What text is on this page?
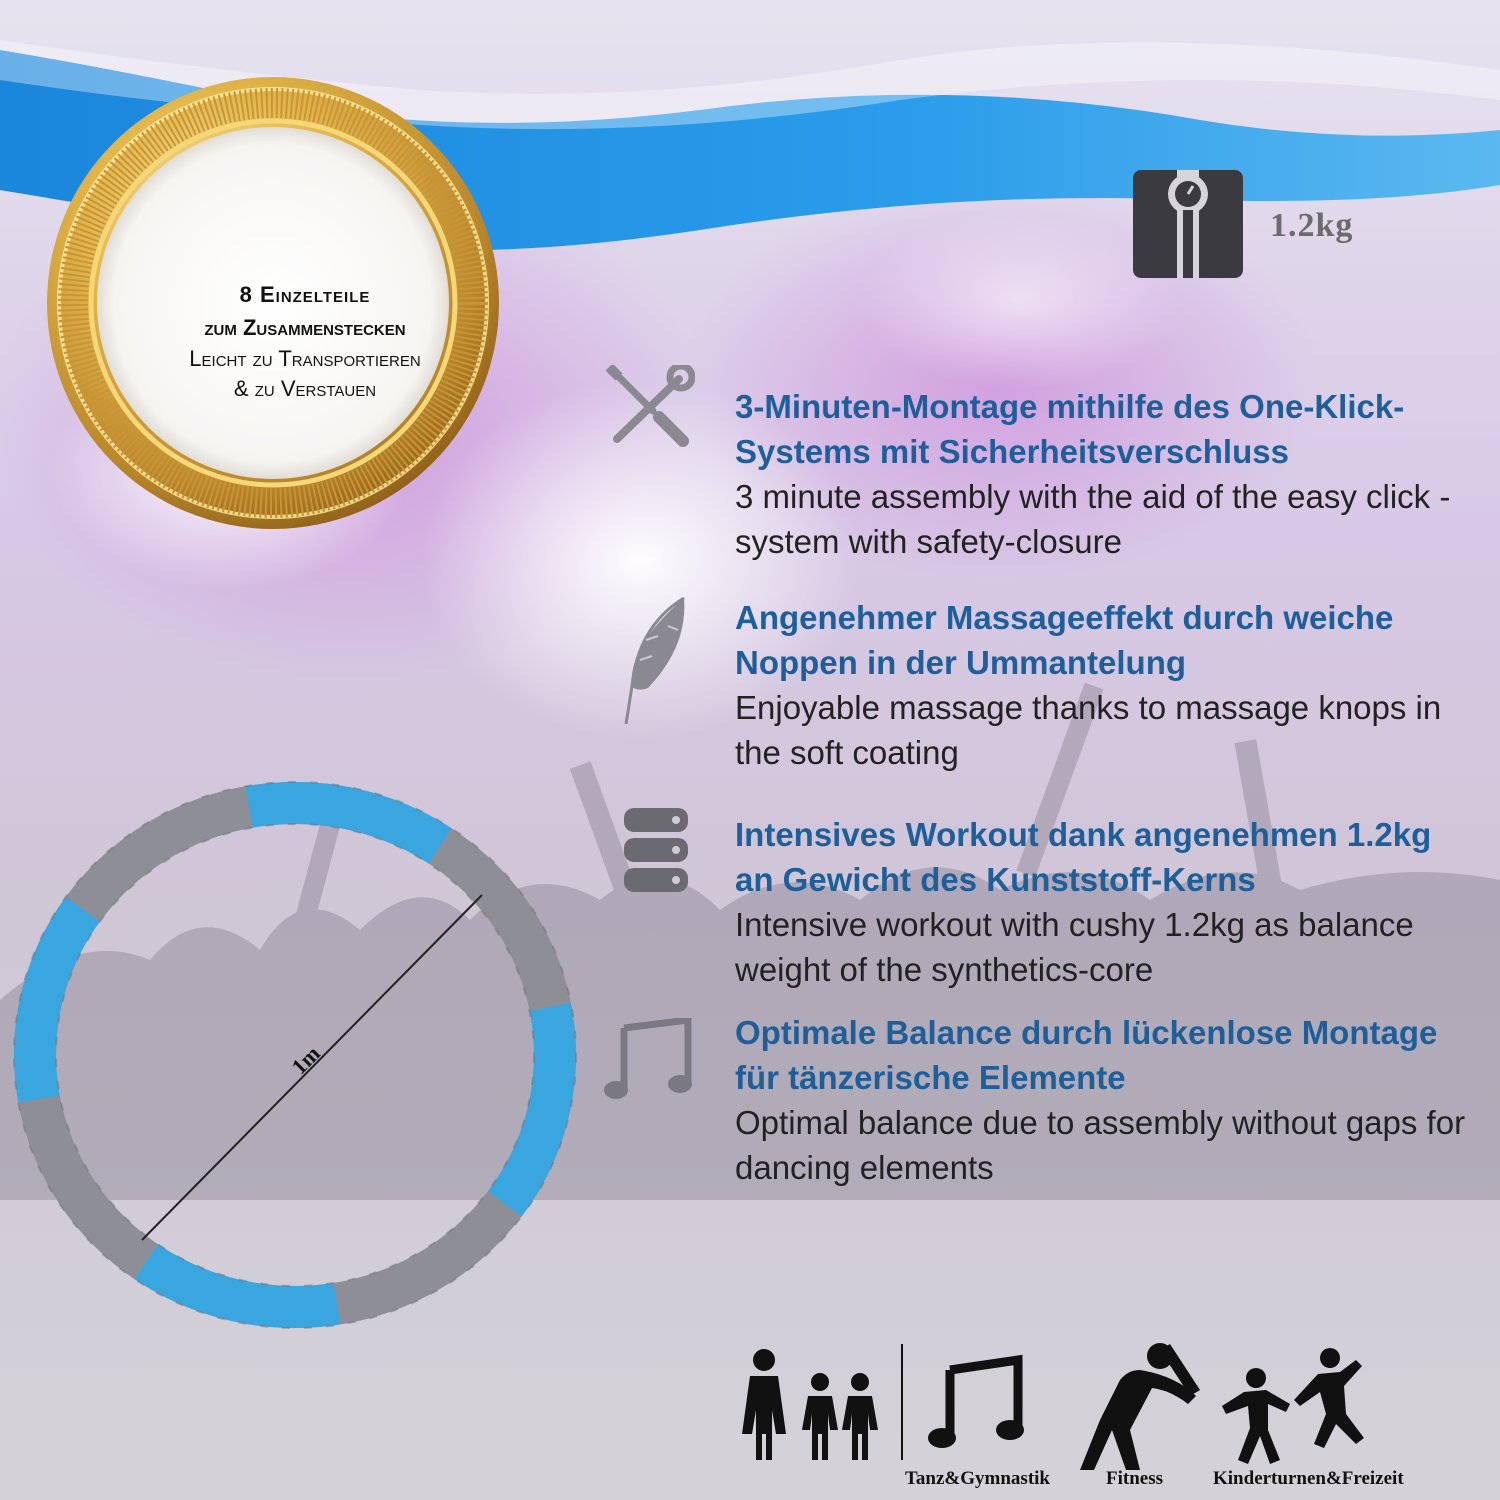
8 Einzelteile
zum Zusammenstecken
Leicht zu Transportieren
& zu Verstauen
1.2kg
3-Minuten-Montage mithilfe des One-Klick-Systems mit Sicherheitsverschluss
3 minute assembly with the aid of the easy click - system with safety-closure
Angenehmer Massageeffekt durch weiche Noppen in der Ummantelung
Enjoyable massage thanks to massage knops in the soft coating
Intensives Workout dank angenehmen 1.2kg an Gewicht des Kunststoff-Kerns
Intensive workout with cushy 1.2kg as balance weight of the synthetics-core
Optimale Balance durch lückenlose Montage für tänzerische Elemente
Optimal balance due to assembly without gaps for dancing elements
1m
Tanz&Gymnastik	Fitness	Kinderturnen&Freizeit
